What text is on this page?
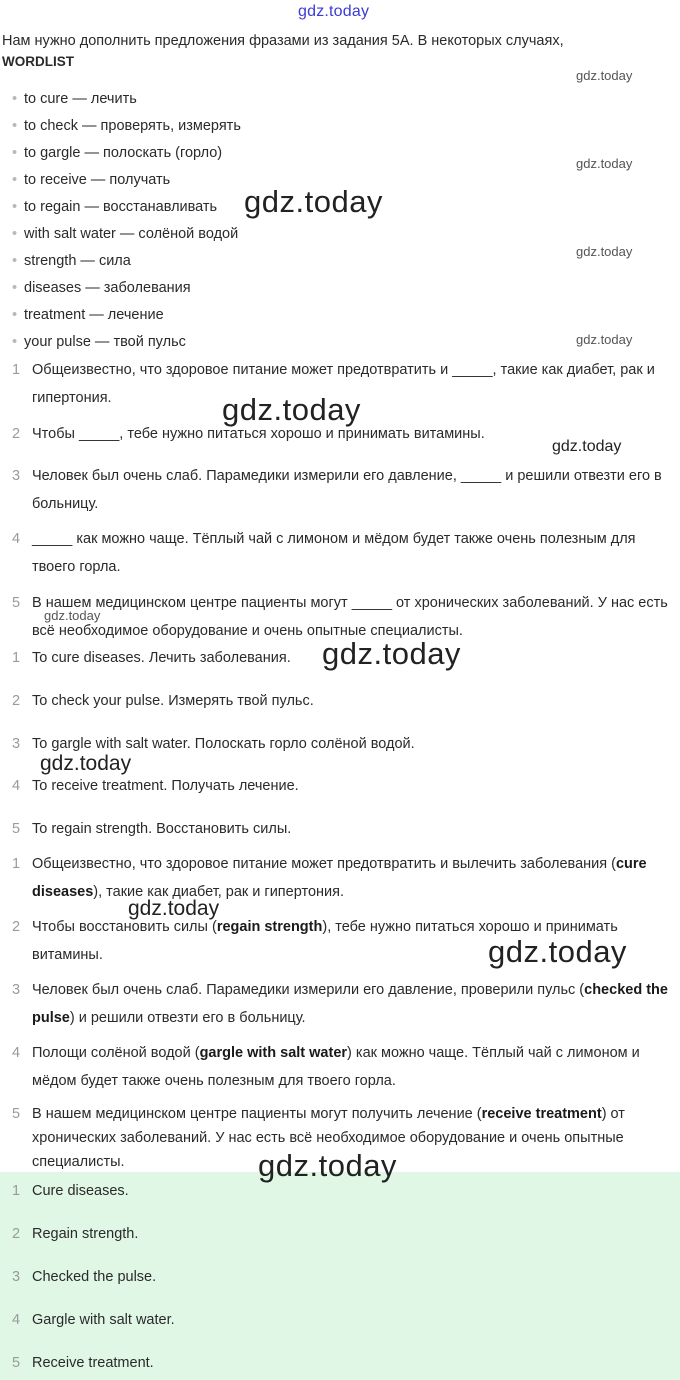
gdz.today
Нам нужно дополнить предложения фразами из задания 5А. В некоторых случаях,
WORDLIST
• to cure — лечить
• to check — проверять, измерять
• to gargle — полоскать (горло)
• to receive — получать
• to regain — восстанавливать
• with salt water — солёной водой
• strength — сила
• diseases — заболевания
• treatment — лечение
• your pulse — твой пульс
1 Общеизвестно, что здоровое питание может предотвратить и _____, такие как диабет, рак и гипертония.
2 Чтобы _____, тебе нужно питаться хорошо и принимать витамины.
3 Человек был очень слаб. Парамедики измерили его давление, _____ и решили отвезти его в больницу.
4 _____ как можно чаще. Тёплый чай с лимоном и мёдом будет также очень полезным для твоего горла.
5 В нашем медицинском центре пациенты могут _____ от хронических заболеваний. У нас есть всё необходимое оборудование и очень опытные специалисты.
1 To cure diseases. Лечить заболевания.
2 To check your pulse. Измерять твой пульс.
3 To gargle with salt water. Полоскать горло солёной водой.
4 To receive treatment. Получать лечение.
5 To regain strength. Восстановить силы.
1 Общеизвестно, что здоровое питание может предотвратить и вылечить заболевания (cure diseases), такие как диабет, рак и гипертония.
2 Чтобы восстановить силы (regain strength), тебе нужно питаться хорошо и принимать витамины.
3 Человек был очень слаб. Парамедики измерили его давление, проверили пульс (checked the pulse) и решили отвезти его в больницу.
4 Полощи солёной водой (gargle with salt water) как можно чаще. Тёплый чай с лимоном и мёдом будет также очень полезным для твоего горла.
5 В нашем медицинском центре пациенты могут получить лечение (receive treatment) от хронических заболеваний. У нас есть всё необходимое оборудование и очень опытные специалисты.
1 Cure diseases.
2 Regain strength.
3 Checked the pulse.
4 Gargle with salt water.
5 Receive treatment.
gdz.today
gdz.today
gdz.today
gdz.today
gdz.today
gdz.today
gdz.today
gdz.today
gdz.today
gdz.today
gdz.today
gdz.today
gdz.today
